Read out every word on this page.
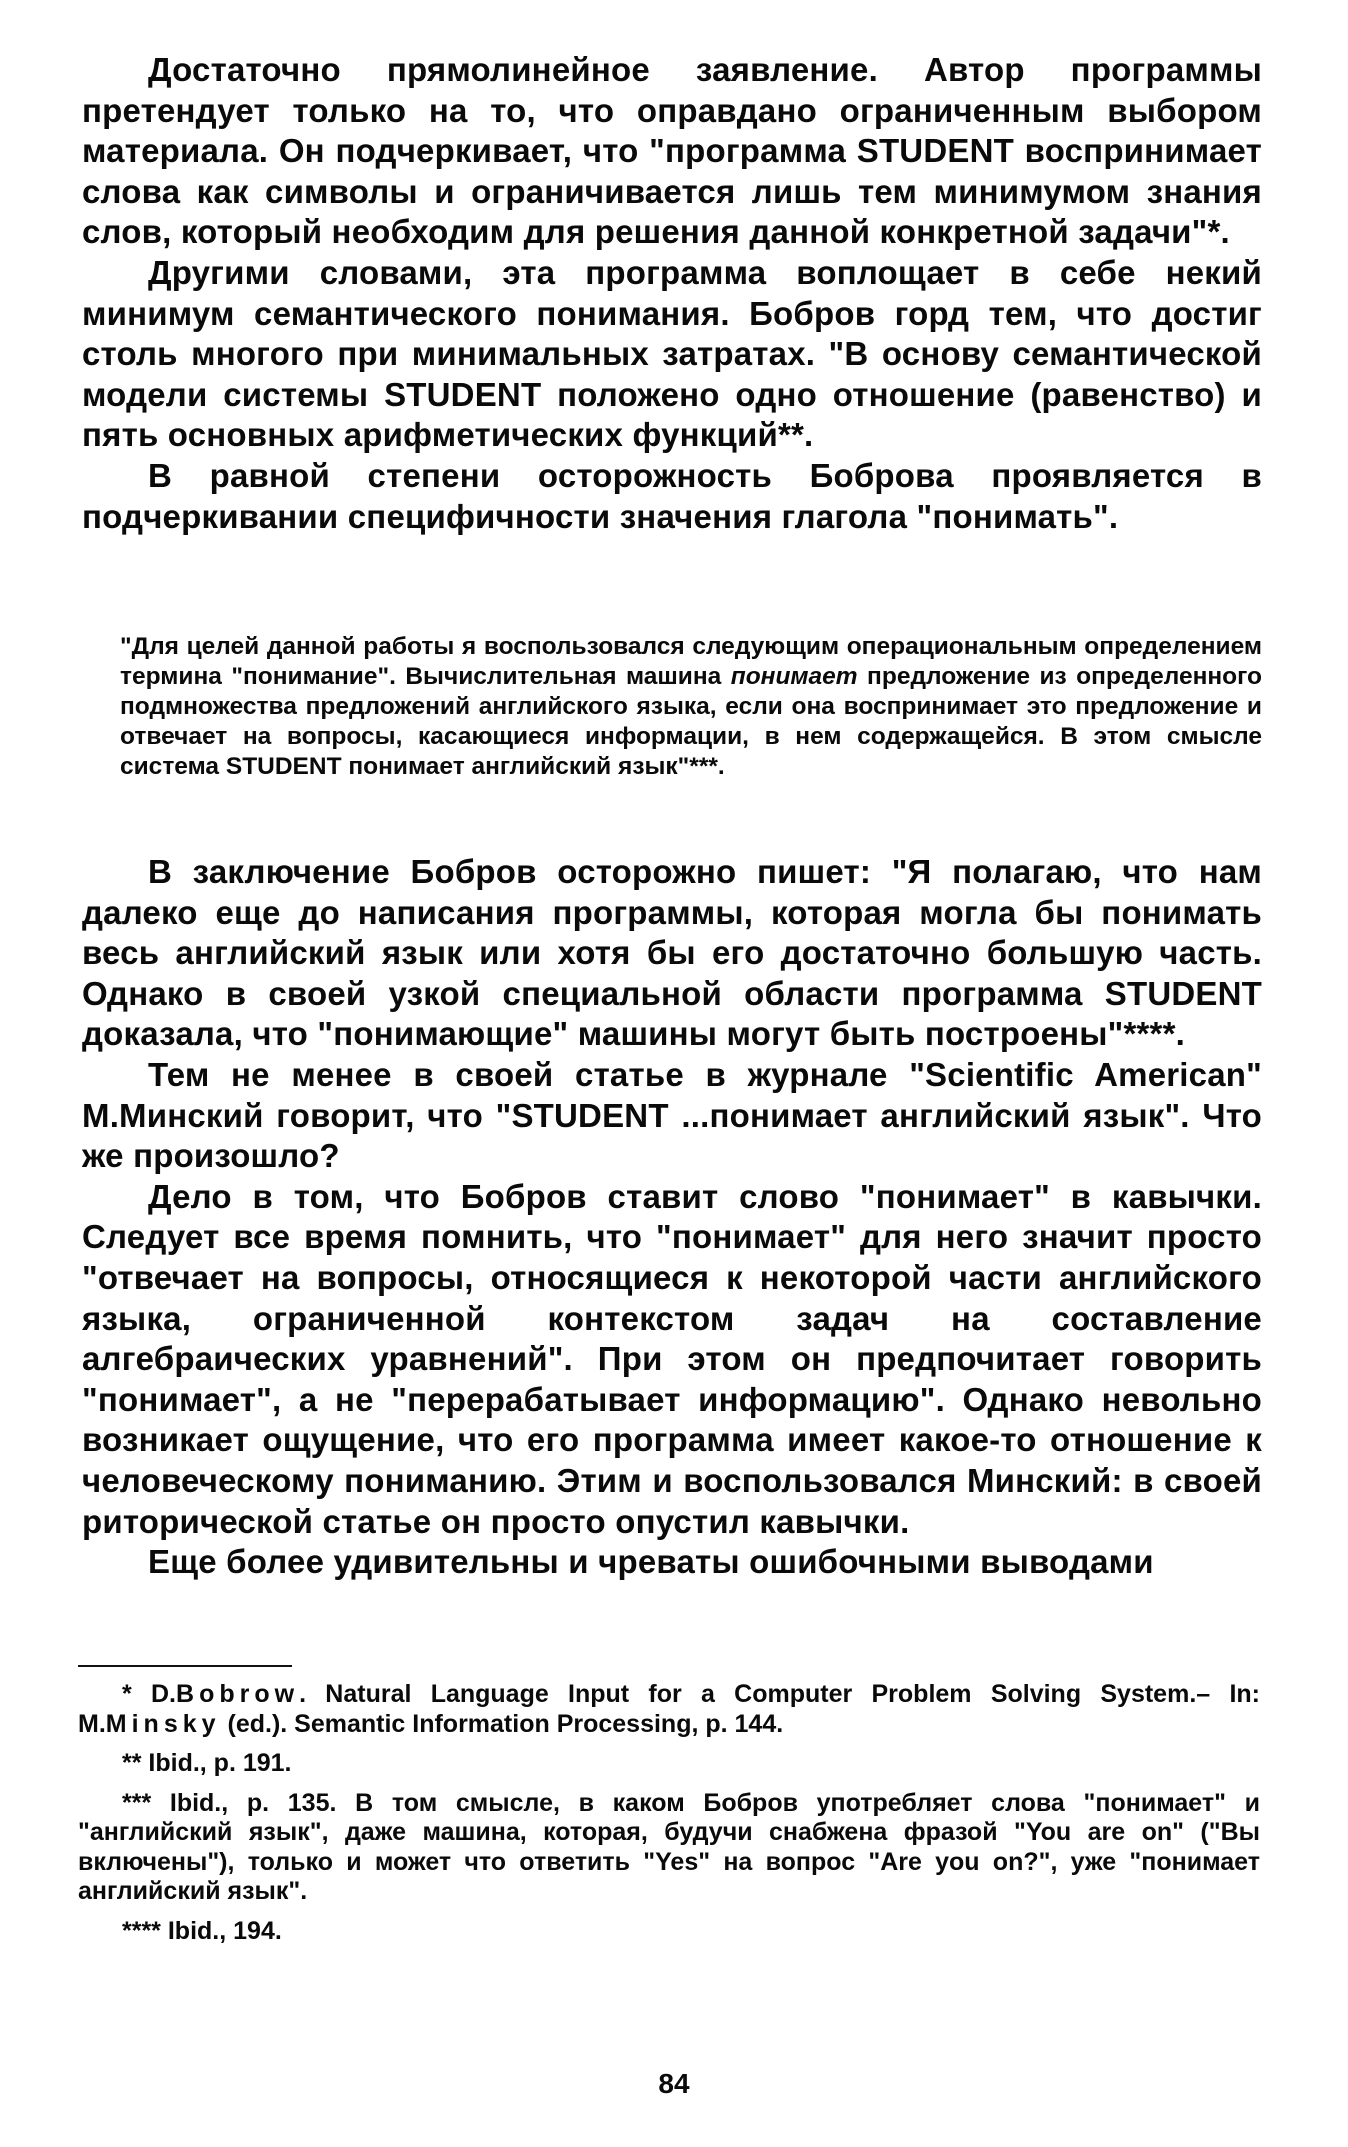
Достаточно прямолинейное заявление. Автор программы претендует только на то, что оправдано ограниченным выбором материала. Он подчеркивает, что "программа STUDENT воспринимает слова как символы и ограничивается лишь тем минимумом знания слов, который необходим для решения данной конкретной задачи"*.

Другими словами, эта программа воплощает в себе некий минимум семантического понимания. Бобров горд тем, что достиг столь многого при минимальных затратах. "В основу семантической модели системы STUDENT положено одно отношение (равенство) и пять основных арифметических функций**.

В равной степени осторожность Боброва проявляется в подчеркивании специфичности значения глагола "понимать".

"Для целей данной работы я воспользовался следующим операциональным определением термина "понимание". Вычислительная машина понимает предложение из определенного подмножества предложений английского языка, если она воспринимает это предложение и отвечает на вопросы, касающиеся информации, в нем содержащейся. В этом смысле система STUDENT понимает английский язык"***.

В заключение Бобров осторожно пишет: "Я полагаю, что нам далеко еще до написания программы, которая могла бы понимать весь английский язык или хотя бы его достаточно большую часть. Однако в своей узкой специальной области программа STUDENT доказала, что "понимающие" машины могут быть построены"****.

Тем не менее в своей статье в журнале "Scientific American" М.Минский говорит, что "STUDENT ...понимает английский язык". Что же произошло?

Дело в том, что Бобров ставит слово "понимает" в кавычки. Следует все время помнить, что "понимает" для него значит просто "отвечает на вопросы, относящиеся к некоторой части английского языка, ограниченной контекстом задач на составление алгебраических уравнений". При этом он предпочитает говорить "понимает", а не "перерабатывает информацию". Однако невольно возникает ощущение, что его программа имеет какое-то отношение к человеческому пониманию. Этим и воспользовался Минский: в своей риторической статье он просто опустил кавычки.

Еще более удивительны и чреваты ошибочными выводами

* D.Bobrow. Natural Language Input for a Computer Problem Solving System.– In: M.Minsky (ed.). Semantic Information Processing, p. 144.

** Ibid., p. 191.

*** Ibid., p. 135. В том смысле, в каком Бобров употребляет слова "понимает" и "английский язык", даже машина, которая, будучи снабжена фразой "You are on" ("Вы включены"), только и может что ответить "Yes" на вопрос "Are you on?", уже "понимает английский язык".

**** Ibid., 194.

84
